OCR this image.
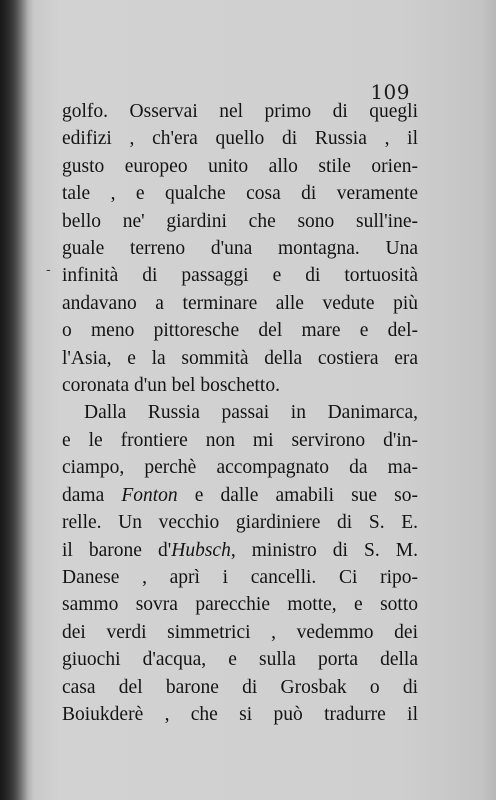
109
-
golfo. Osservai nel primo di quegli
edifizi , ch'era quello di Russia , il
gusto europeo unito allo stile orien-
tale , e qualche cosa di veramente
bello ne' giardini che sono sull'ine-
guale terreno d'una montagna. Una
infinità di passaggi e di tortuosità
andavano a terminare alle vedute più
o meno pittoresche del mare e del-
l'Asia, e la sommità della costiera era
coronata d'un bel boschetto.
Dalla Russia passai in Danimarca,
e le frontiere non mi servirono d'in-
ciampo, perchè accompagnato da ma-
dama Fonton e dalle amabili sue so-
relle. Un vecchio giardiniere di S. E.
il barone d'Hubsch, ministro di S. M.
Danese , aprì i cancelli. Ci ripo-
sammo sovra parecchie motte, e sotto
dei verdi simmetrici , vedemmo dei
giuochi d'acqua, e sulla porta della
casa del barone di Grosbak o di
Boiukderè , che si può tradurre il
